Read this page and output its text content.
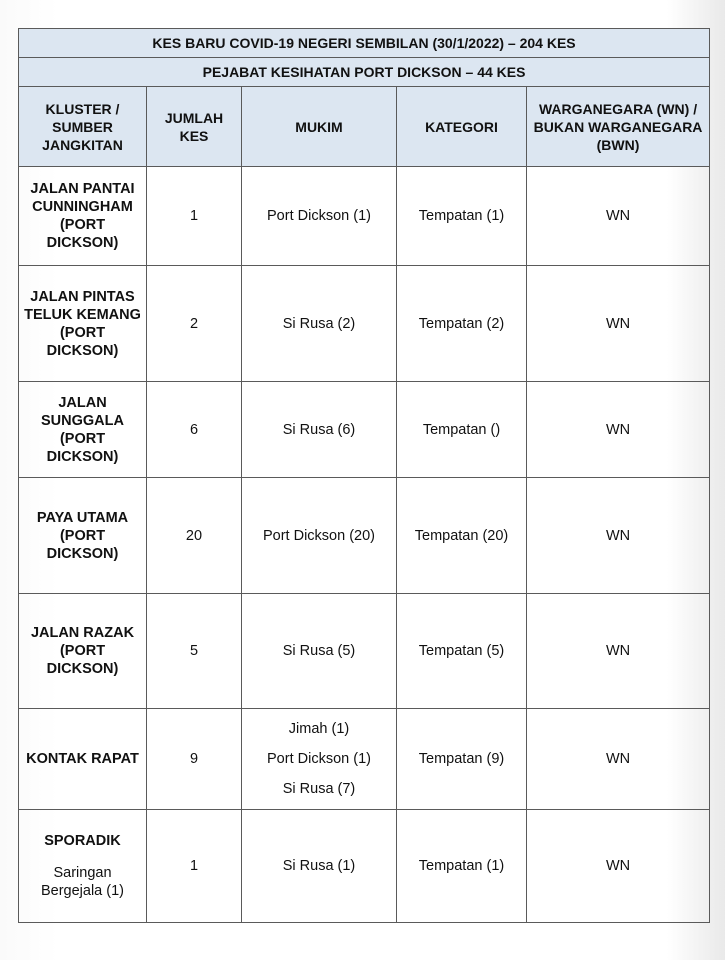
KES BARU COVID-19 NEGERI SEMBILAN (30/1/2022) – 204 KES				
PEJABAT KESIHATAN PORT DICKSON – 44 KES				
KLUSTER / SUMBER JANGKITAN	JUMLAH KES	MUKIM	KATEGORI	WARGANEGARA (WN) / BUKAN WARGANEGARA (BWN)
JALAN PANTAI CUNNINGHAM (PORT DICKSON)	1	Port Dickson (1)	Tempatan (1)	WN
JALAN PINTAS TELUK KEMANG (PORT DICKSON)	2	Si Rusa (2)	Tempatan (2)	WN
JALAN SUNGGALA (PORT DICKSON)	6	Si Rusa (6)	Tempatan ()	WN
PAYA UTAMA (PORT DICKSON)	20	Port Dickson (20)	Tempatan (20)	WN
JALAN RAZAK (PORT DICKSON)	5	Si Rusa (5)	Tempatan (5)	WN
KONTAK RAPAT	9	Jimah (1)
Port Dickson (1)
Si Rusa (7)	Tempatan (9)	WN
SPORADIK
Saringan Bergejala (1)	1	Si Rusa (1)	Tempatan (1)	WN
